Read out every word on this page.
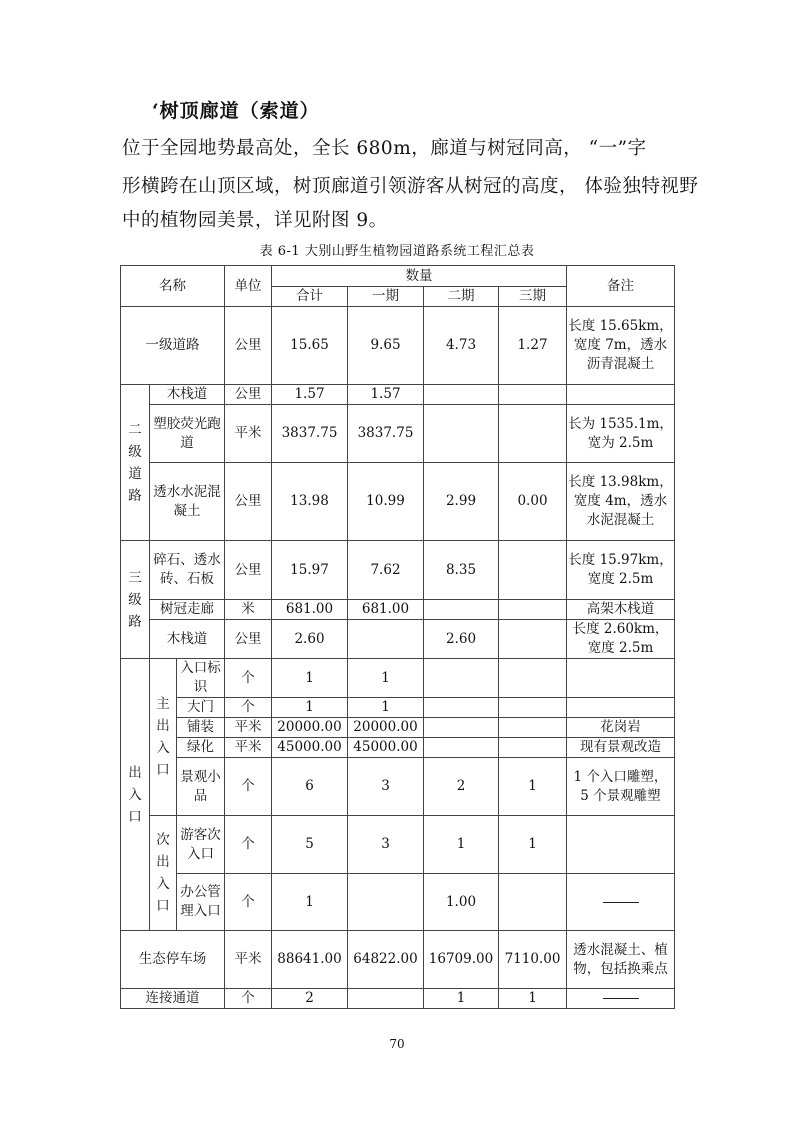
‘树顶廊道（索道）
位于全园地势最高处，全长 680m，廊道与树冠同高， “一”字
形横跨在山顶区域，树顶廊道引领游客从树冠的高度， 体验独特视野
中的植物园美景，详见附图 9。
表 6-1 大别山野生植物园道路系统工程汇总表
名称			单位	数量				备注
				合计	一期	二期	三期	
一级道路			公里	15.65	9.65	4.73	1.27	长度 15.65km，宽度 7m，透水沥青混凝土
二级道路	木栈道		公里	1.57	1.57			
	塑胶荧光跑道		平米	3837.75	3837.75			长为 1535.1m，宽为 2.5m
	透水水泥混凝土		公里	13.98	10.99	2.99	0.00	长度 13.98km，宽度 4m，透水水泥混凝土
三级路	碎石、透水砖、石板		公里	15.97	7.62	8.35		长度 15.97km，宽度 2.5m
	树冠走廊		米	681.00	681.00			高架木栈道
	木栈道		公里	2.60		2.60		长度 2.60km，宽度 2.5m
出入口	主出入口	入口标识	个	1	1			
		大门	个	1	1			
		铺装	平米	20000.00	20000.00			花岗岩
		绿化	平米	45000.00	45000.00			现有景观改造
		景观小品	个	6	3	2	1	1 个入口雕塑， 5 个景观雕塑
	次出入口	游客次入口	个	5	3	1	1	
		办公管理入口	个	1		1.00		
生态停车场			平米	88641.00	64822.00	16709.00	7110.00	透水混凝土、植物，包括换乘点
连接通道			个	2		1	1	
70
